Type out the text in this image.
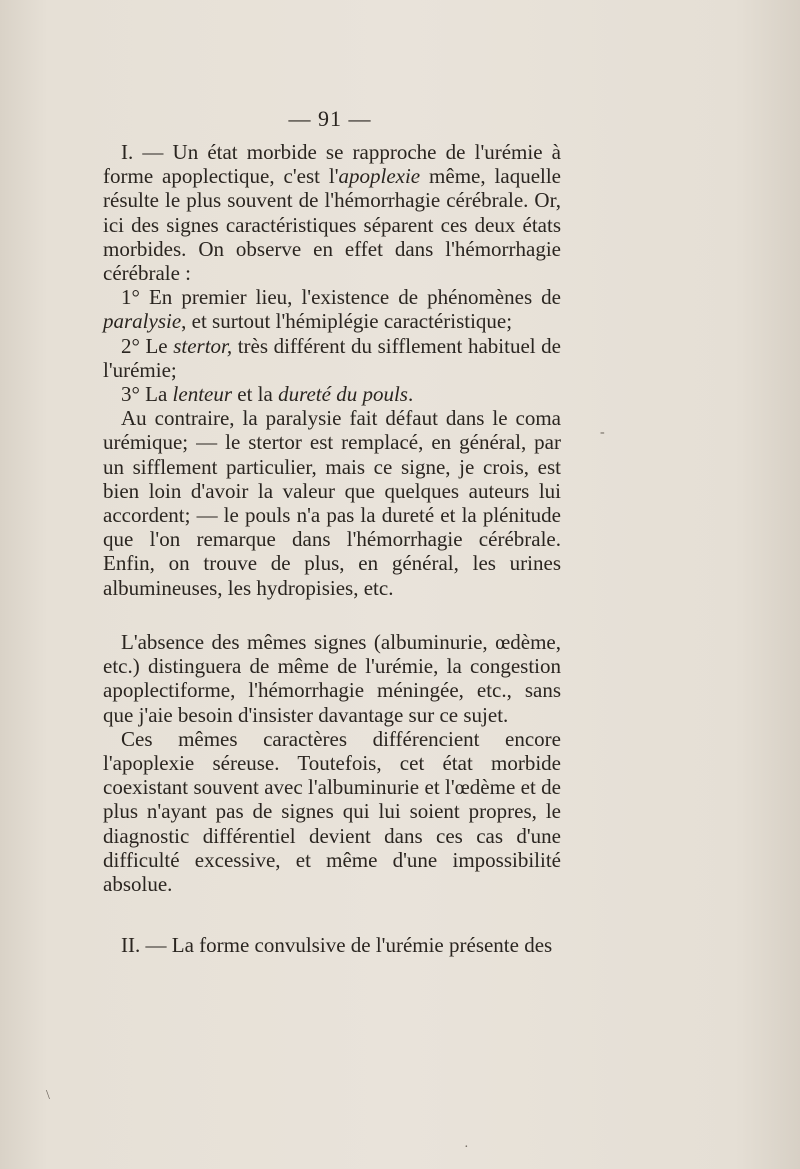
— 91 —

I. — Un état morbide se rapproche de l'urémie à forme apoplectique, c'est l'apoplexie même, laquelle résulte le plus souvent de l'hémorrhagie cérébrale. Or, ici des signes caractéristiques séparent ces deux états morbides. On observe en effet dans l'hémorrhagie cérébrale :

1° En premier lieu, l'existence de phénomènes de paralysie, et surtout l'hémiplégie caractéristique;

2° Le stertor, très différent du sifflement habituel de l'urémie;

3° La lenteur et la dureté du pouls.

Au contraire, la paralysie fait défaut dans le coma urémique; — le stertor est remplacé, en général, par un sifflement particulier, mais ce signe, je crois, est bien loin d'avoir la valeur que quelques auteurs lui accordent; — le pouls n'a pas la dureté et la plénitude que l'on remarque dans l'hémorrhagie cérébrale. Enfin, on trouve de plus, en général, les urines albumineuses, les hydropisies, etc.

L'absence des mêmes signes (albuminurie, œdème, etc.) distinguera de même de l'urémie, la congestion apoplectiforme, l'hémorrhagie méningée, etc., sans que j'aie besoin d'insister davantage sur ce sujet.

Ces mêmes caractères différencient encore l'apoplexie séreuse. Toutefois, cet état morbide coexistant souvent avec l'albuminurie et l'œdème et de plus n'ayant pas de signes qui lui soient propres, le diagnostic différentiel devient dans ces cas d'une difficulté excessive, et même d'une impossibilité absolue.

II. — La forme convulsive de l'urémie présente des

\
·
-
